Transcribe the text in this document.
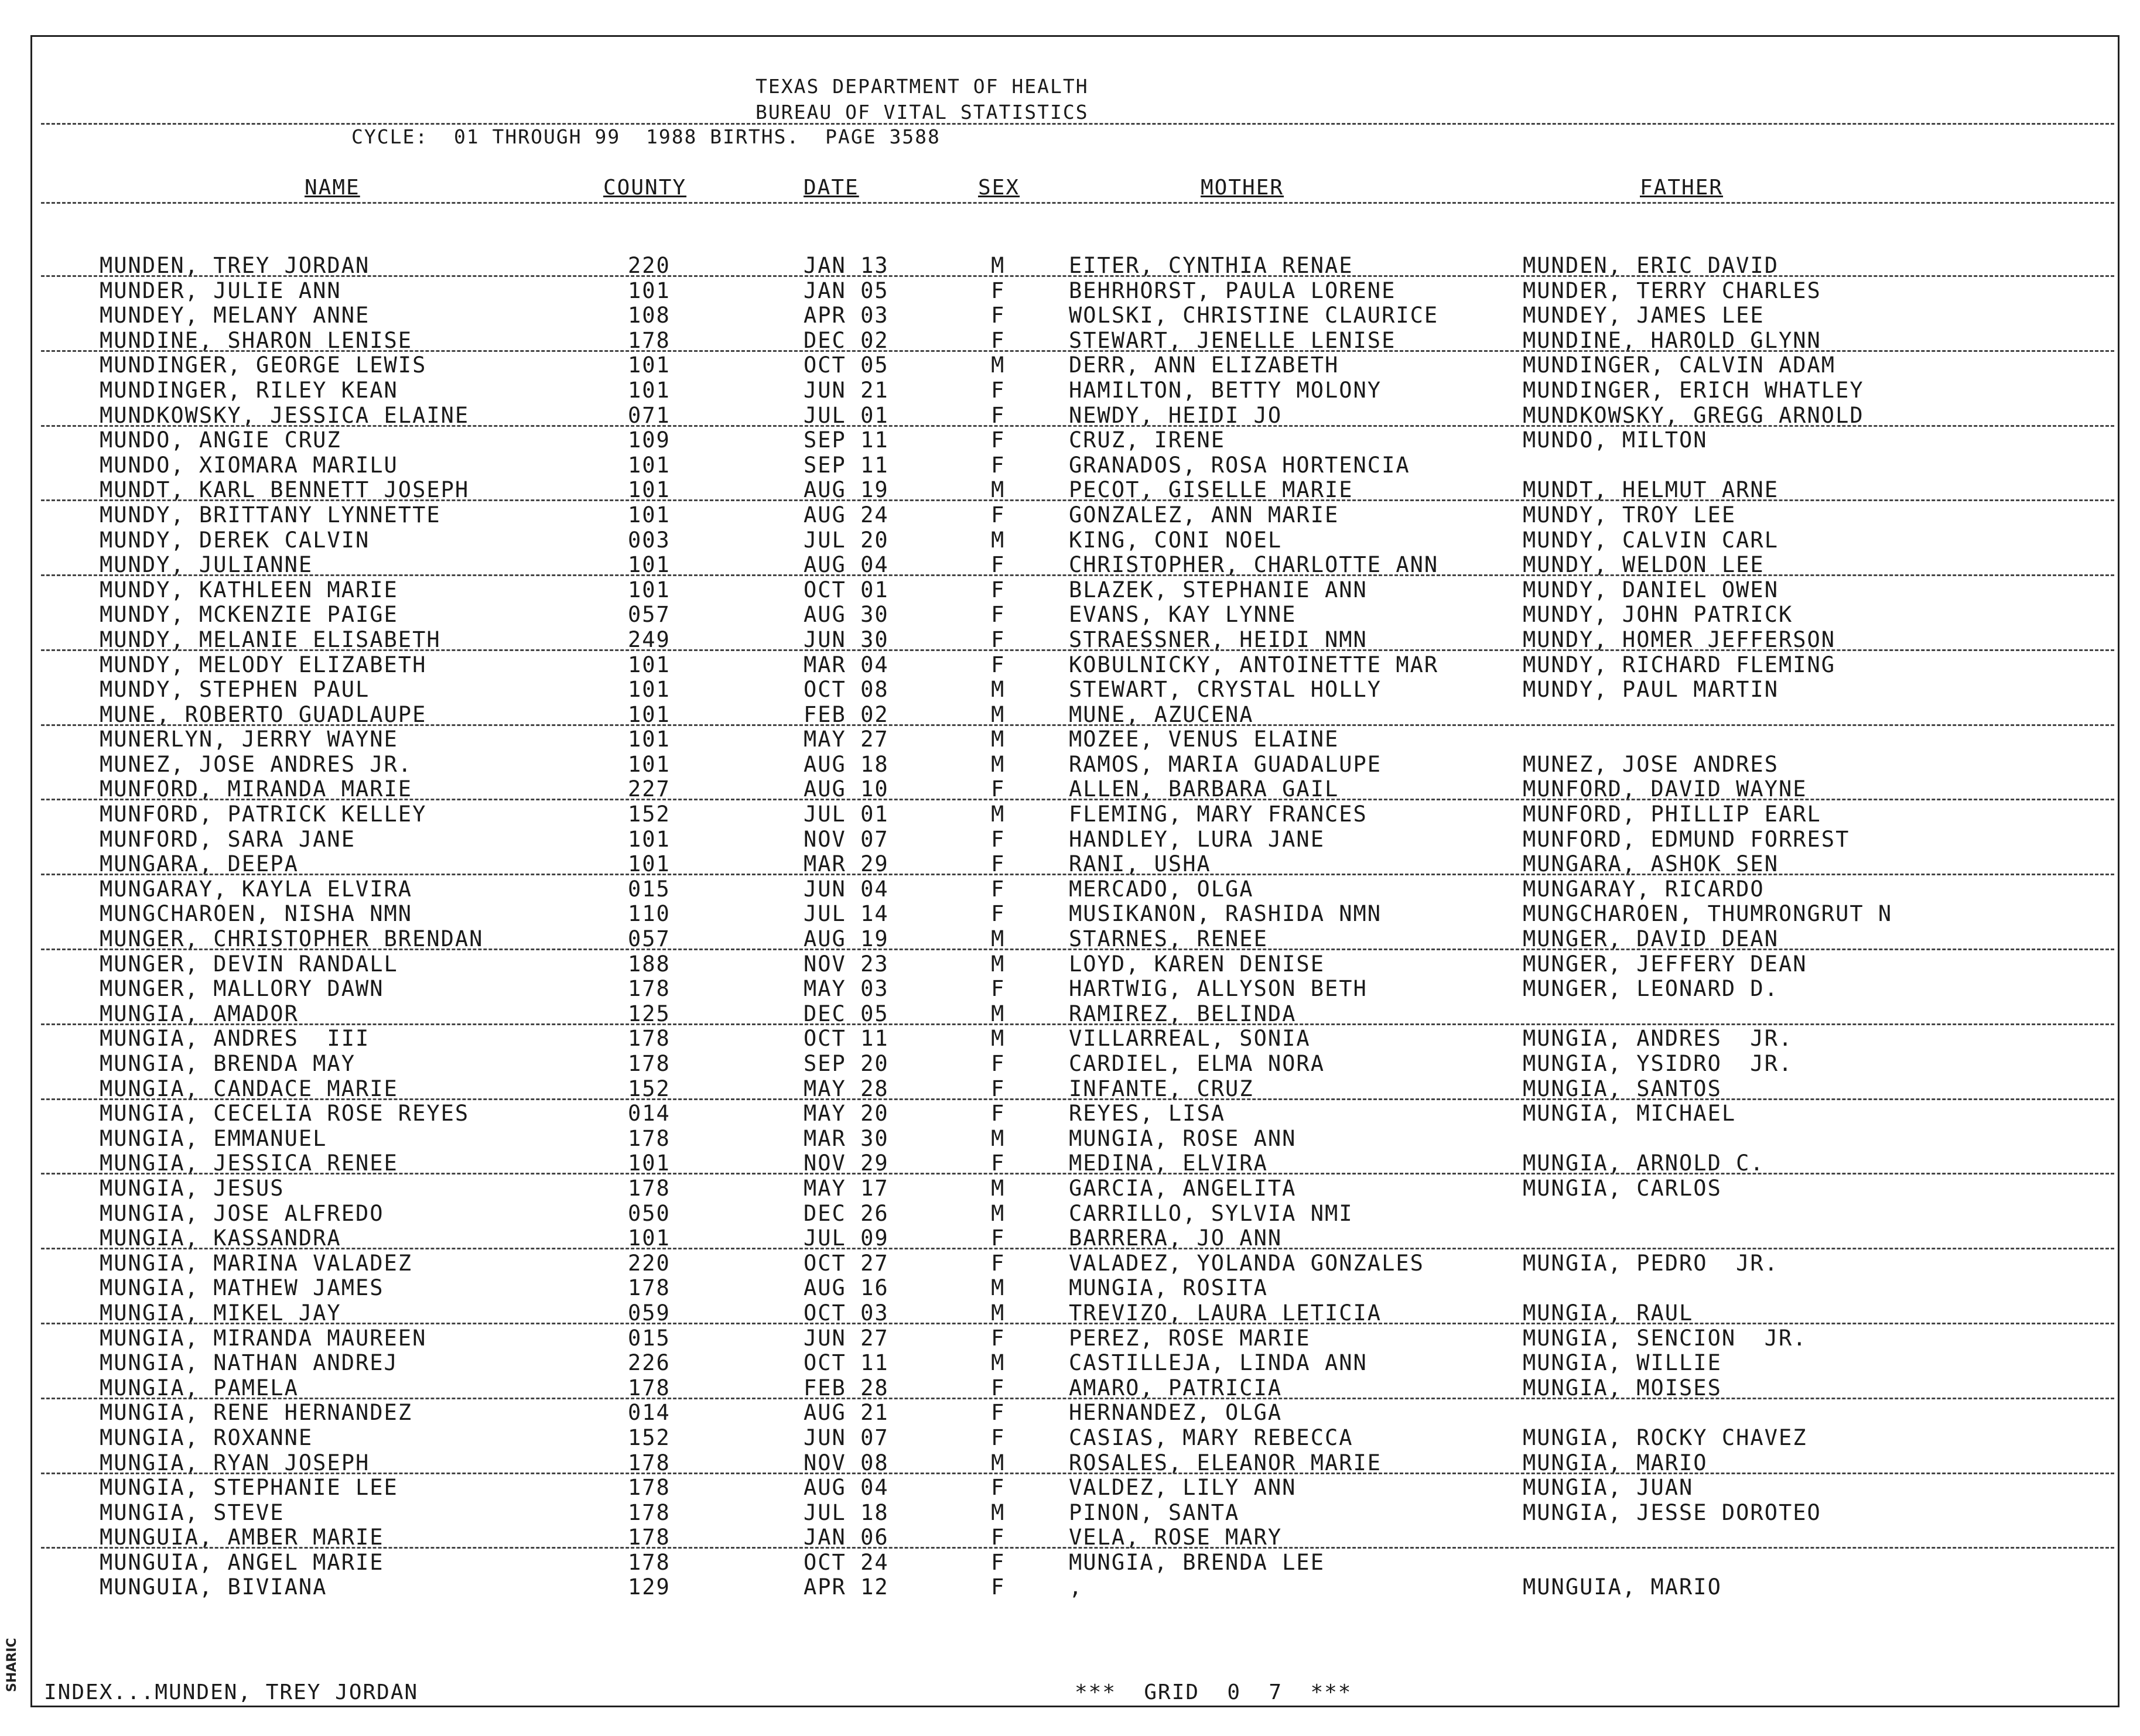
SHARIC
TEXAS DEPARTMENT OF HEALTH
BUREAU OF VITAL STATISTICS
CYCLE:  01 THROUGH 99  1988 BIRTHS.  PAGE 3588
NAME	COUNTY	DATE	SEX	MOTHER	FATHER
MUNDEN, TREY JORDAN	220	JAN 13	M	EITER, CYNTHIA RENAE	MUNDEN, ERIC DAVID
MUNDER, JULIE ANN	101	JAN 05	F	BEHRHORST, PAULA LORENE	MUNDER, TERRY CHARLES
MUNDEY, MELANY ANNE	108	APR 03	F	WOLSKI, CHRISTINE CLAURICE	MUNDEY, JAMES LEE
MUNDINE, SHARON LENISE	178	DEC 02	F	STEWART, JENELLE LENISE	MUNDINE, HAROLD GLYNN
MUNDINGER, GEORGE LEWIS	101	OCT 05	M	DERR, ANN ELIZABETH	MUNDINGER, CALVIN ADAM
MUNDINGER, RILEY KEAN	101	JUN 21	F	HAMILTON, BETTY MOLONY	MUNDINGER, ERICH WHATLEY
MUNDKOWSKY, JESSICA ELAINE	071	JUL 01	F	NEWDY, HEIDI JO	MUNDKOWSKY, GREGG ARNOLD
MUNDO, ANGIE CRUZ	109	SEP 11	F	CRUZ, IRENE	MUNDO, MILTON
MUNDO, XIOMARA MARILU	101	SEP 11	F	GRANADOS, ROSA HORTENCIA
MUNDT, KARL BENNETT JOSEPH	101	AUG 19	M	PECOT, GISELLE MARIE	MUNDT, HELMUT ARNE
MUNDY, BRITTANY LYNNETTE	101	AUG 24	F	GONZALEZ, ANN MARIE	MUNDY, TROY LEE
MUNDY, DEREK CALVIN	003	JUL 20	M	KING, CONI NOEL	MUNDY, CALVIN CARL
MUNDY, JULIANNE	101	AUG 04	F	CHRISTOPHER, CHARLOTTE ANN	MUNDY, WELDON LEE
MUNDY, KATHLEEN MARIE	101	OCT 01	F	BLAZEK, STEPHANIE ANN	MUNDY, DANIEL OWEN
MUNDY, MCKENZIE PAIGE	057	AUG 30	F	EVANS, KAY LYNNE	MUNDY, JOHN PATRICK
MUNDY, MELANIE ELISABETH	249	JUN 30	F	STRAESSNER, HEIDI NMN	MUNDY, HOMER JEFFERSON
MUNDY, MELODY ELIZABETH	101	MAR 04	F	KOBULNICKY, ANTOINETTE MAR	MUNDY, RICHARD FLEMING
MUNDY, STEPHEN PAUL	101	OCT 08	M	STEWART, CRYSTAL HOLLY	MUNDY, PAUL MARTIN
MUNE, ROBERTO GUADLAUPE	101	FEB 02	M	MUNE, AZUCENA
MUNERLYN, JERRY WAYNE	101	MAY 27	M	MOZEE, VENUS ELAINE
MUNEZ, JOSE ANDRES JR.	101	AUG 18	M	RAMOS, MARIA GUADALUPE	MUNEZ, JOSE ANDRES
MUNFORD, MIRANDA MARIE	227	AUG 10	F	ALLEN, BARBARA GAIL	MUNFORD, DAVID WAYNE
MUNFORD, PATRICK KELLEY	152	JUL 01	M	FLEMING, MARY FRANCES	MUNFORD, PHILLIP EARL
MUNFORD, SARA JANE	101	NOV 07	F	HANDLEY, LURA JANE	MUNFORD, EDMUND FORREST
MUNGARA, DEEPA	101	MAR 29	F	RANI, USHA	MUNGARA, ASHOK SEN
MUNGARAY, KAYLA ELVIRA	015	JUN 04	F	MERCADO, OLGA	MUNGARAY, RICARDO
MUNGCHAROEN, NISHA NMN	110	JUL 14	F	MUSIKANON, RASHIDA NMN	MUNGCHAROEN, THUMRONGRUT N
MUNGER, CHRISTOPHER BRENDAN	057	AUG 19	M	STARNES, RENEE	MUNGER, DAVID DEAN
MUNGER, DEVIN RANDALL	188	NOV 23	M	LOYD, KAREN DENISE	MUNGER, JEFFERY DEAN
MUNGER, MALLORY DAWN	178	MAY 03	F	HARTWIG, ALLYSON BETH	MUNGER, LEONARD D.
MUNGIA, AMADOR	125	DEC 05	M	RAMIREZ, BELINDA
MUNGIA, ANDRES  III	178	OCT 11	M	VILLARREAL, SONIA	MUNGIA, ANDRES  JR.
MUNGIA, BRENDA MAY	178	SEP 20	F	CARDIEL, ELMA NORA	MUNGIA, YSIDRO  JR.
MUNGIA, CANDACE MARIE	152	MAY 28	F	INFANTE, CRUZ	MUNGIA, SANTOS
MUNGIA, CECELIA ROSE REYES	014	MAY 20	F	REYES, LISA	MUNGIA, MICHAEL
MUNGIA, EMMANUEL	178	MAR 30	M	MUNGIA, ROSE ANN
MUNGIA, JESSICA RENEE	101	NOV 29	F	MEDINA, ELVIRA	MUNGIA, ARNOLD C.
MUNGIA, JESUS	178	MAY 17	M	GARCIA, ANGELITA	MUNGIA, CARLOS
MUNGIA, JOSE ALFREDO	050	DEC 26	M	CARRILLO, SYLVIA NMI
MUNGIA, KASSANDRA	101	JUL 09	F	BARRERA, JO ANN
MUNGIA, MARINA VALADEZ	220	OCT 27	F	VALADEZ, YOLANDA GONZALES	MUNGIA, PEDRO  JR.
MUNGIA, MATHEW JAMES	178	AUG 16	M	MUNGIA, ROSITA
MUNGIA, MIKEL JAY	059	OCT 03	M	TREVIZO, LAURA LETICIA	MUNGIA, RAUL
MUNGIA, MIRANDA MAUREEN	015	JUN 27	F	PEREZ, ROSE MARIE	MUNGIA, SENCION  JR.
MUNGIA, NATHAN ANDREJ	226	OCT 11	M	CASTILLEJA, LINDA ANN	MUNGIA, WILLIE
MUNGIA, PAMELA	178	FEB 28	F	AMARO, PATRICIA	MUNGIA, MOISES
MUNGIA, RENE HERNANDEZ	014	AUG 21	F	HERNANDEZ, OLGA
MUNGIA, ROXANNE	152	JUN 07	F	CASIAS, MARY REBECCA	MUNGIA, ROCKY CHAVEZ
MUNGIA, RYAN JOSEPH	178	NOV 08	M	ROSALES, ELEANOR MARIE	MUNGIA, MARIO
MUNGIA, STEPHANIE LEE	178	AUG 04	F	VALDEZ, LILY ANN	MUNGIA, JUAN
MUNGIA, STEVE	178	JUL 18	M	PINON, SANTA	MUNGIA, JESSE DOROTEO
MUNGUIA, AMBER MARIE	178	JAN 06	F	VELA, ROSE MARY
MUNGUIA, ANGEL MARIE	178	OCT 24	F	MUNGIA, BRENDA LEE
MUNGUIA, BIVIANA	129	APR 12	F	,	MUNGUIA, MARIO
INDEX...MUNDEN, TREY JORDAN	***  GRID  0  7  ***
